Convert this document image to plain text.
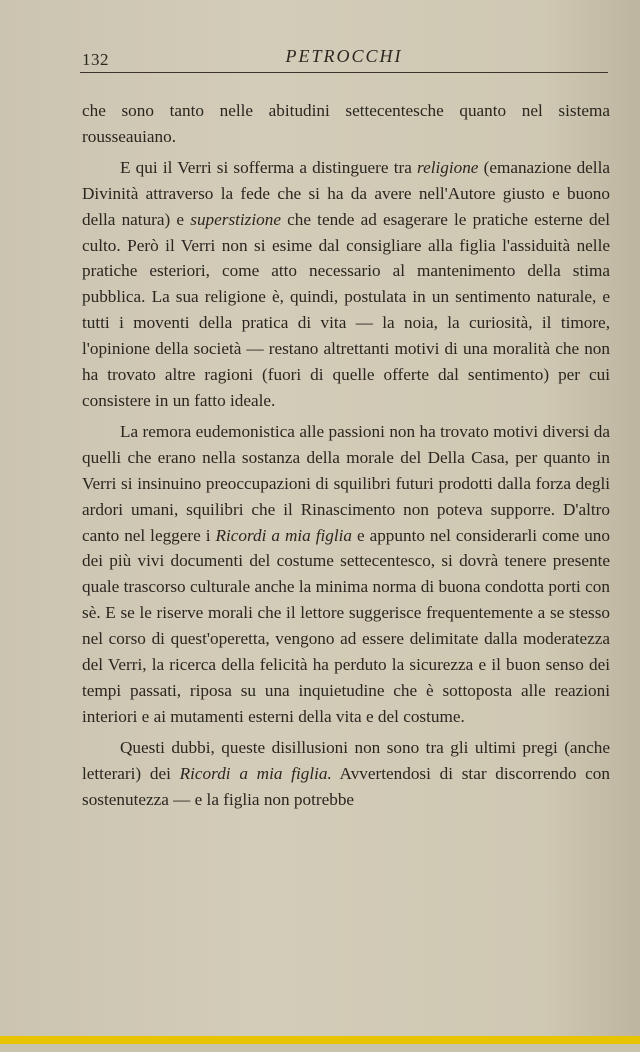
132	PETROCCHI

che sono tanto nelle abitudini settecentesche quanto nel sistema rousseauiano.

E qui il Verri si sofferma a distinguere tra religione (emanazione della Divinità attraverso la fede che si ha da avere nell'Autore giusto e buono della natura) e superstizione che tende ad esagerare le pratiche esterne del culto. Però il Verri non si esime dal consigliare alla figlia l'assiduità nelle pratiche esteriori, come atto necessario al mantenimento della stima pubblica. La sua religione è, quindi, postulata in un sentimento naturale, e tutti i moventi della pratica di vita — la noia, la curiosità, il timore, l'opinione della società — restano altrettanti motivi di una moralità che non ha trovato altre ragioni (fuori di quelle offerte dal sentimento) per cui consistere in un fatto ideale.

La remora eudemonistica alle passioni non ha trovato motivi diversi da quelli che erano nella sostanza della morale del Della Casa, per quanto in Verri si insinuino preoccupazioni di squilibri futuri prodotti dalla forza degli ardori umani, squilibri che il Rinascimento non poteva supporre. D'altro canto nel leggere i Ricordi a mia figlia e appunto nel considerarli come uno dei più vivi documenti del costume settecentesco, si dovrà tenere presente quale trascorso culturale anche la minima norma di buona condotta porti con sè. E se le riserve morali che il lettore suggerisce frequentemente a se stesso nel corso di quest'operetta, vengono ad essere delimitate dalla moderatezza del Verri, la ricerca della felicità ha perduto la sicurezza e il buon senso dei tempi passati, riposa su una inquietudine che è sottoposta alle reazioni interiori e ai mutamenti esterni della vita e del costume.

Questi dubbi, queste disillusioni non sono tra gli ultimi pregi (anche letterari) dei Ricordi a mia figlia. Avvertendosi di star discorrendo con sostenutezza — e la figlia non potrebbe
